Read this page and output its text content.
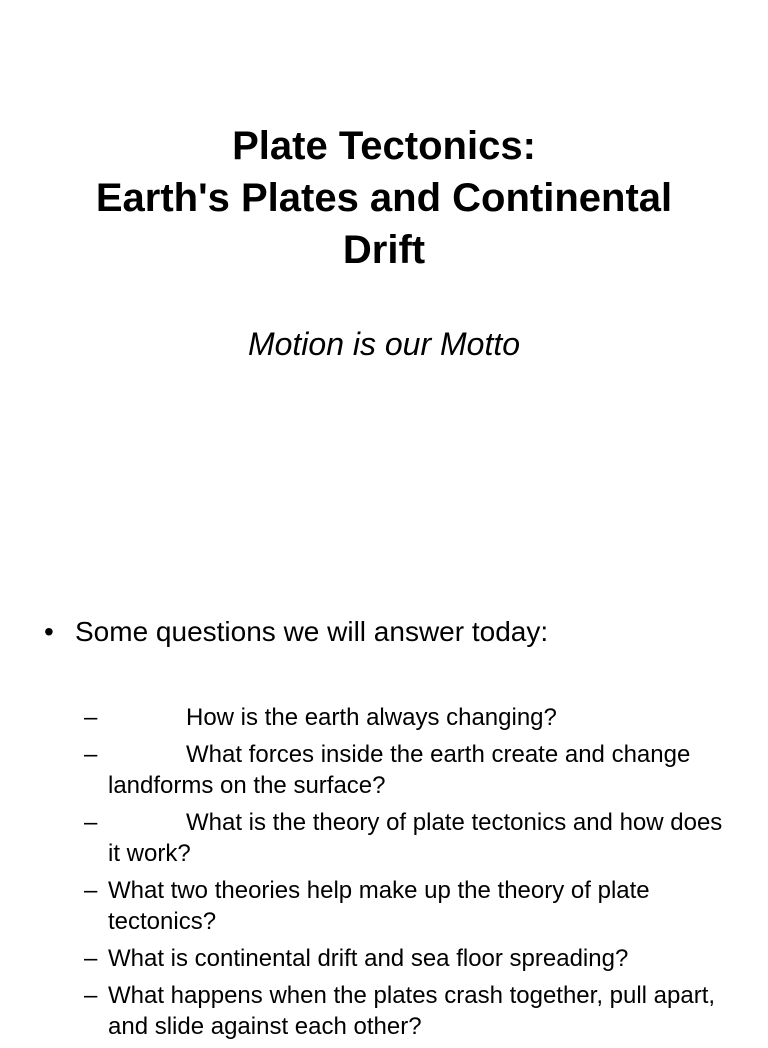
Plate Tectonics:
Earth's Plates and Continental
Drift

Motion is our Motto

• Some questions we will answer today:

–	How is the earth always changing?
–	What forces inside the earth create and change landforms on the surface?
–	What is the theory of plate tectonics and how does it work?
– What two theories help make up the theory of plate tectonics?
– What is continental drift and sea floor spreading?
– What happens when the plates crash together, pull apart, and slide against each other?
